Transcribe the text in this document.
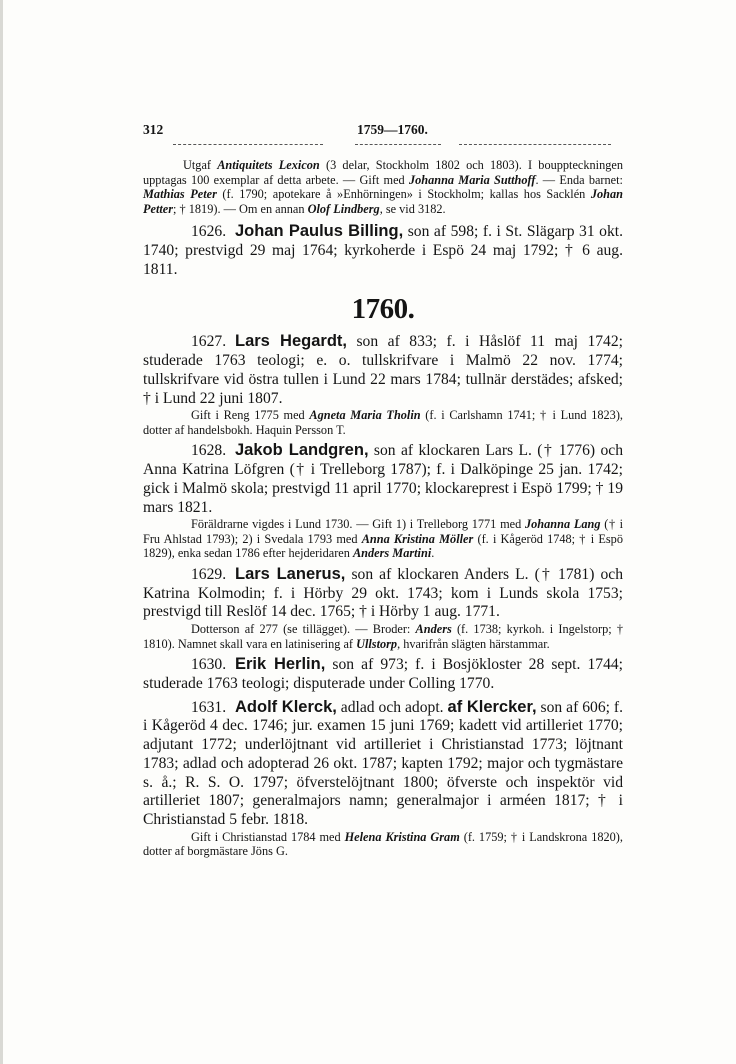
312	1759—1760.

Utgaf Antiquitets Lexicon (3 delar, Stockholm 1802 och 1803). I bouppteckningen upptagas 100 exemplar af detta arbete. — Gift med Johanna Maria Sutthoff. — Enda barnet: Mathias Peter (f. 1790; apotekare å »Enhörningen» i Stockholm; kallas hos Sacklén Johan Petter; † 1819). — Om en annan Olof Lindberg, se vid 3182.

1626. Johan Paulus Billing, son af 598; f. i St. Slägarp 31 okt. 1740; prestvigd 29 maj 1764; kyrkoherde i Espö 24 maj 1792; † 6 aug. 1811.

1760.

1627. Lars Hegardt, son af 833; f. i Håslöf 11 maj 1742; studerade 1763 teologi; e. o. tullskrifvare i Malmö 22 nov. 1774; tullskrifvare vid östra tullen i Lund 22 mars 1784; tullnär derstädes; afsked; † i Lund 22 juni 1807.

Gift i Reng 1775 med Agneta Maria Tholin (f. i Carlshamn 1741; † i Lund 1823), dotter af handelsbokh. Haquin Persson T.

1628. Jakob Landgren, son af klockaren Lars L. († 1776) och Anna Katrina Löfgren († i Trelleborg 1787); f. i Dalköpinge 25 jan. 1742; gick i Malmö skola; prestvigd 11 april 1770; klockareprest i Espö 1799; † 19 mars 1821.

Föräldrarne vigdes i Lund 1730. — Gift 1) i Trelleborg 1771 med Johanna Lang († i Fru Ahlstad 1793); 2) i Svedala 1793 med Anna Kristina Möller (f. i Kågeröd 1748; † i Espö 1829), enka sedan 1786 efter hejderidaren Anders Martini.

1629. Lars Lanerus, son af klockaren Anders L. († 1781) och Katrina Kolmodin; f. i Hörby 29 okt. 1743; kom i Lunds skola 1753; prestvigd till Reslöf 14 dec. 1765; † i Hörby 1 aug. 1771.

Dotterson af 277 (se tillägget). — Broder: Anders (f. 1738; kyrkoh. i Ingelstorp; † 1810). Namnet skall vara en latinisering af Ullstorp, hvarifrån slägten härstammar.

1630. Erik Herlin, son af 973; f. i Bosjökloster 28 sept. 1744; studerade 1763 teologi; disputerade under Colling 1770.

1631. Adolf Klerck, adlad och adopt. af Klercker, son af 606; f. i Kågeröd 4 dec. 1746; jur. examen 15 juni 1769; kadett vid artilleriet 1770; adjutant 1772; underlöjtnant vid artilleriet i Christianstad 1773; löjtnant 1783; adlad och adopterad 26 okt. 1787; kapten 1792; major och tygmästare s. å.; R. S. O. 1797; öfverstelöjtnant 1800; öfverste och inspektör vid artilleriet 1807; generalmajors namn; generalmajor i arméen 1817; † i Christianstad 5 febr. 1818.

Gift i Christianstad 1784 med Helena Kristina Gram (f. 1759; † i Landskrona 1820), dotter af borgmästare Jöns G.
